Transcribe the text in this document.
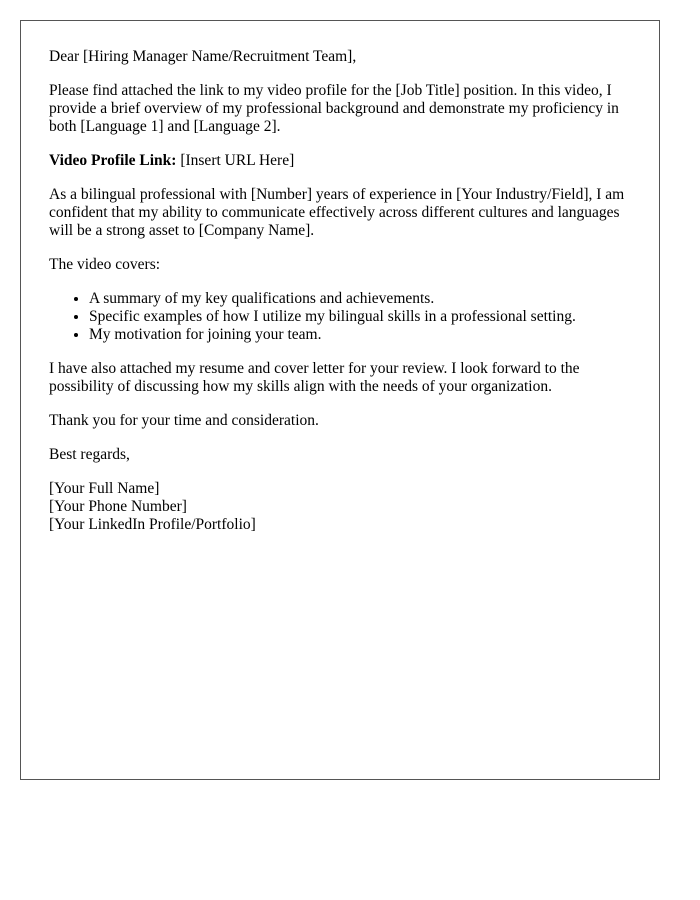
Dear [Hiring Manager Name/Recruitment Team],

Please find attached the link to my video profile for the [Job Title] position. In this video, I provide a brief overview of my professional background and demonstrate my proficiency in both [Language 1] and [Language 2].

Video Profile Link: [Insert URL Here]

As a bilingual professional with [Number] years of experience in [Your Industry/Field], I am confident that my ability to communicate effectively across different cultures and languages will be a strong asset to [Company Name].

The video covers:

• A summary of my key qualifications and achievements.
• Specific examples of how I utilize my bilingual skills in a professional setting.
• My motivation for joining your team.

I have also attached my resume and cover letter for your review. I look forward to the possibility of discussing how my skills align with the needs of your organization.

Thank you for your time and consideration.

Best regards,

[Your Full Name]
[Your Phone Number]
[Your LinkedIn Profile/Portfolio]
